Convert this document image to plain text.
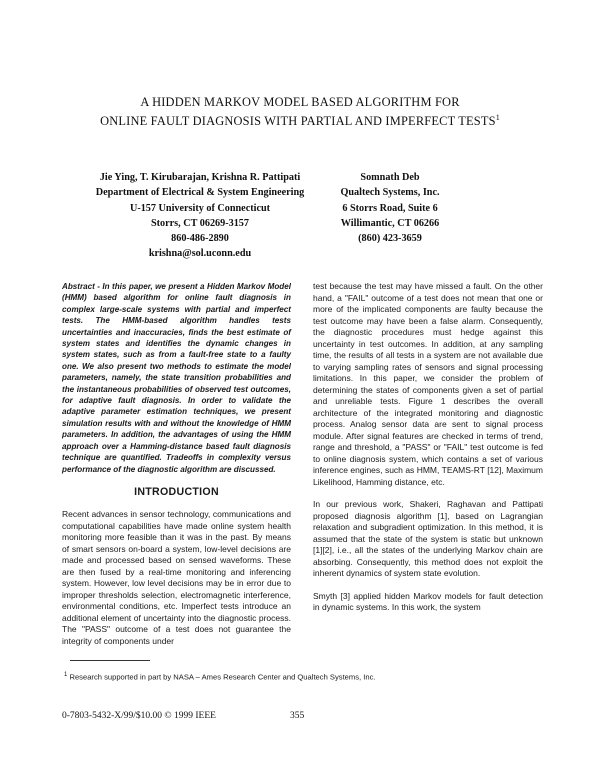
A HIDDEN MARKOV MODEL BASED ALGORITHM FOR
ONLINE FAULT DIAGNOSIS WITH PARTIAL AND IMPERFECT TESTS$^1$
Jie Ying, T. Kirubarajan, Krishna R. Pattipati
Department of Electrical & System Engineering
U-157 University of Connecticut
Storrs, CT 06269-3157
860-486-2890
krishna@sol.uconn.edu
Somnath Deb
Qualtech Systems, Inc.
6 Storrs Road, Suite 6
Willimantic, CT 06266
(860) 423-3659

Abstract - In this paper, we present a Hidden Markov Model (HMM) based algorithm for online fault diagnosis in complex large-scale systems with partial and imperfect tests. The HMM-based algorithm handles tests uncertainties and inaccuracies, finds the best estimate of system states and identifies the dynamic changes in system states, such as from a fault-free state to a faulty one. We also present two methods to estimate the model parameters, namely, the state transition probabilities and the instantaneous probabilities of observed test outcomes, for adaptive fault diagnosis. In order to validate the adaptive parameter estimation techniques, we present simulation results with and without the knowledge of HMM parameters. In addition, the advantages of using the HMM approach over a Hamming-distance based fault diagnosis technique are quantified. Tradeoffs in complexity versus performance of the diagnostic algorithm are discussed.

INTRODUCTION

Recent advances in sensor technology, communications and computational capabilities have made online system health monitoring more feasible than it was in the past. By means of smart sensors on-board a system, low-level decisions are made and processed based on sensed waveforms. These are then fused by a real-time monitoring and inferencing system. However, low level decisions may be in error due to improper thresholds selection, electromagnetic interference, environmental conditions, etc. Imperfect tests introduce an additional element of uncertainty into the diagnostic process. The "PASS" outcome of a test does not guarantee the integrity of components under

test because the test may have missed a fault. On the other hand, a "FAIL" outcome of a test does not mean that one or more of the implicated components are faulty because the test outcome may have been a false alarm. Consequently, the diagnostic procedures must hedge against this uncertainty in test outcomes. In addition, at any sampling time, the results of all tests in a system are not available due to varying sampling rates of sensors and signal processing limitations. In this paper, we consider the problem of determining the states of components given a set of partial and unreliable tests. Figure 1 describes the overall architecture of the integrated monitoring and diagnostic process. Analog sensor data are sent to signal process module. After signal features are checked in terms of trend, range and threshold, a "PASS" or "FAIL" test outcome is fed to online diagnosis system, which contains a set of various inference engines, such as HMM, TEAMS-RT [12], Maximum Likelihood, Hamming distance, etc.

In our previous work, Shakeri, Raghavan and Pattipati proposed diagnosis algorithm [1], based on Lagrangian relaxation and subgradient optimization. In this method, it is assumed that the state of the system is static but unknown [1][2], i.e., all the states of the underlying Markov chain are absorbing. Consequently, this method does not exploit the inherent dynamics of system state evolution.

Smyth [3] applied hidden Markov models for fault detection in dynamic systems. In this work, the system

$^1$ Research supported in part by NASA – Ames Research Center and Qualtech Systems, Inc.
0-7803-5432-X/99/$10.00 © 1999 IEEE	355
